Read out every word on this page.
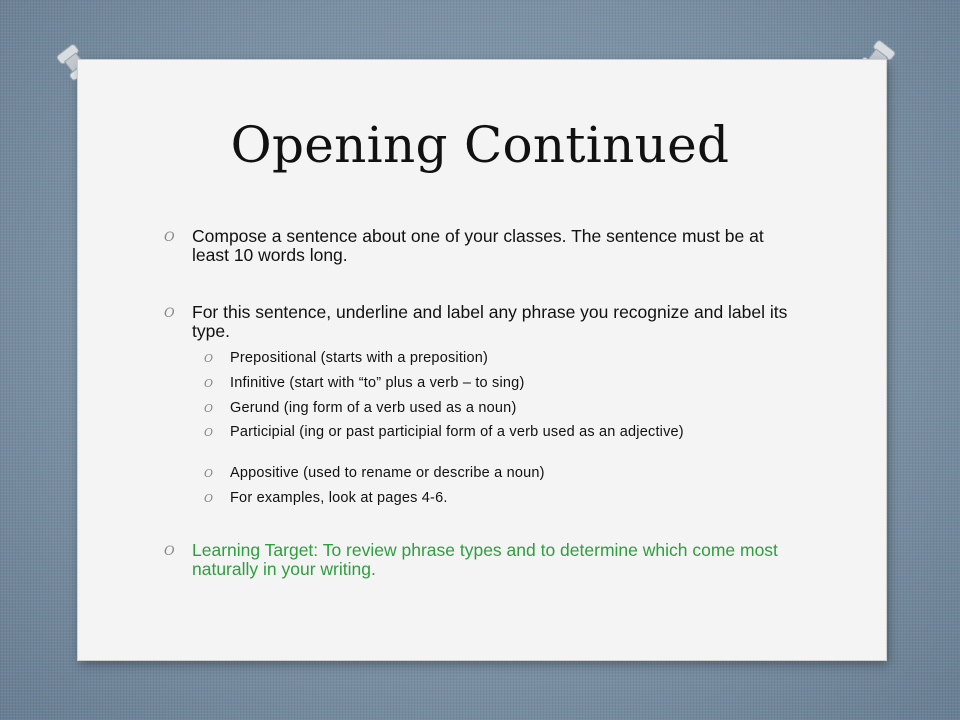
Opening Continued
O Compose a sentence about one of your classes. The sentence must be at least 10 words long.
O For this sentence, underline and label any phrase you recognize and label its type.
O Prepositional (starts with a preposition)
O Infinitive (start with “to” plus a verb – to sing)
O Gerund (ing form of a verb used as a noun)
O Participial (ing or past participial form of a verb used as an adjective)
O Appositive (used to rename or describe a noun)
O For examples, look at pages 4-6.
O Learning Target: To review phrase types and to determine which come most naturally in your writing.
